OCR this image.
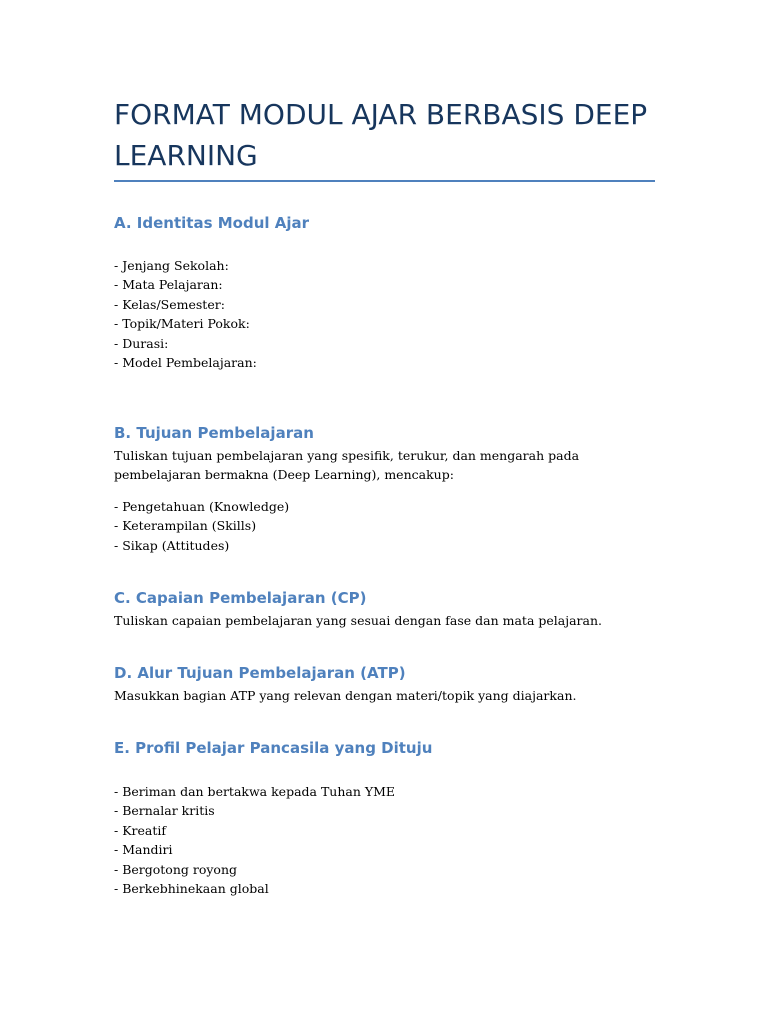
FORMAT MODUL AJAR BERBASIS DEEP LEARNING
A. Identitas Modul Ajar
- Jenjang Sekolah:
- Mata Pelajaran:
- Kelas/Semester:
- Topik/Materi Pokok:
- Durasi:
- Model Pembelajaran:
B. Tujuan Pembelajaran

Tuliskan tujuan pembelajaran yang spesifik, terukur, dan mengarah pada pembelajaran bermakna (Deep Learning), mencakup:

- Pengetahuan (Knowledge)
- Keterampilan (Skills)
- Sikap (Attitudes)
C. Capaian Pembelajaran (CP)

Tuliskan capaian pembelajaran yang sesuai dengan fase dan mata pelajaran.

D. Alur Tujuan Pembelajaran (ATP)

Masukkan bagian ATP yang relevan dengan materi/topik yang diajarkan.

E. Profil Pelajar Pancasila yang Dituju
- Beriman dan bertakwa kepada Tuhan YME
- Bernalar kritis
- Kreatif
- Mandiri
- Bergotong royong
- Berkebhinekaan global
